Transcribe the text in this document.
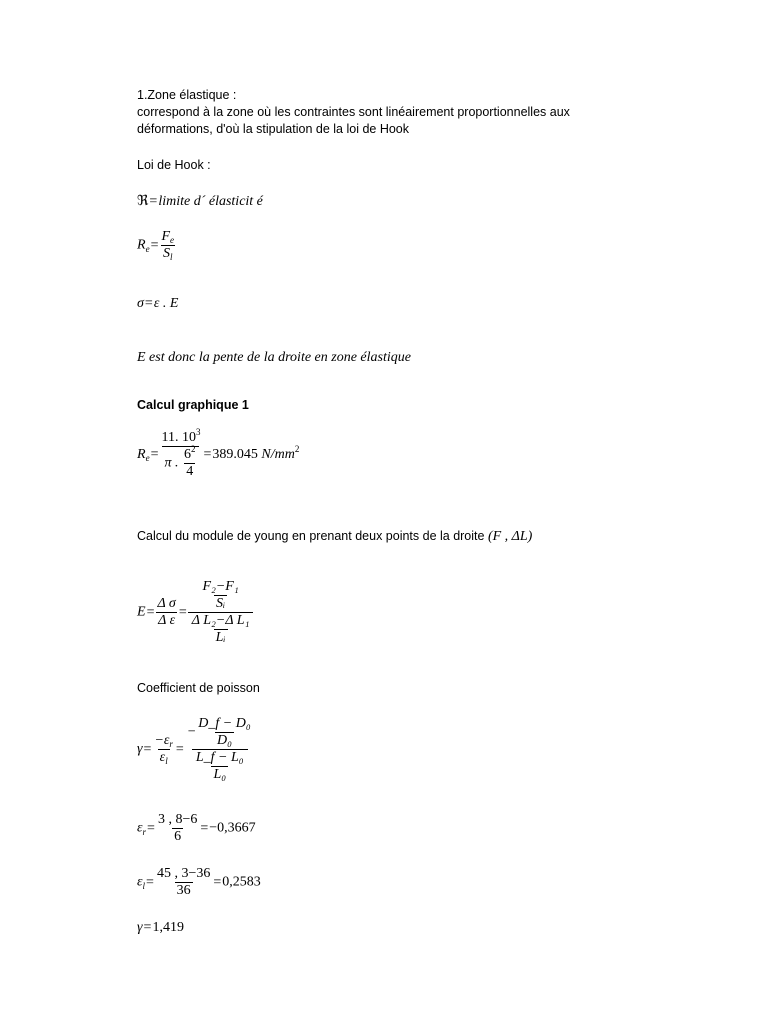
1.Zone élastique :
correspond à la zone où les contraintes sont linéairement proportionnelles aux
déformations, d'où la stipulation de la loi de Hook
Loi de Hook :
ℜ=limite d´ élasticit é
$R_e= \frac{F_e}{S_l}$
σ=ε . E
E est donc la pente de la droite en zone élastique
Calcul graphique 1
$R_e= \frac{11. 10^3}{\pi . \frac{6^2}{4}} =389.045$ $N/mm^2$
Calcul du module de young en prenant deux points de la droite (F , ΔL)
$E= \frac{\text{Δ σ}}{\text{Δ ε}} = \frac{\frac{\text{F₂−F₁}}{\text{Sᵢ}}}{\frac{\text{Δ L₂−Δ L₁}}{\text{Lᵢ}}}$
Coefficient de poisson
$\gamma= \frac{-\varepsilon_r}{\varepsilon_l} = \frac{- \frac{\text{D\_f − D₀}}{\text{D₀}}}{\frac{\text{L\_f − L₀}}{\text{L₀}}}$
$\varepsilon_r= \frac{3 , 8-6}{6} =-0,3667$
$\varepsilon_l= \frac{45 , 3-36}{36} =0,2583$
γ=1,419
